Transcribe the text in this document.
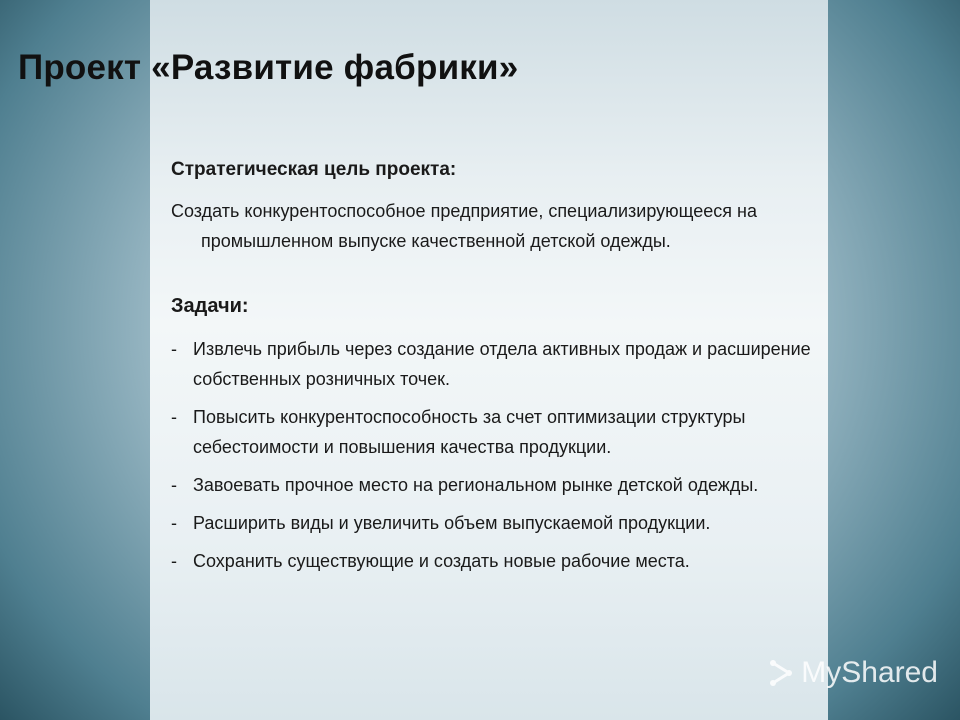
Проект «Развитие фабрики»

Стратегическая цель проекта:

Создать конкурентоспособное предприятие, специализирующееся на промышленном выпуске качественной детской одежды.

Задачи:

- Извлечь прибыль через создание отдела активных продаж и расширение собственных розничных точек.
- Повысить конкурентоспособность за счет оптимизации структуры себестоимости и повышения качества продукции.
- Завоевать прочное место на региональном рынке детской одежды.
- Расширить виды и увеличить объем выпускаемой продукции.
- Сохранить существующие и создать новые рабочие места.
MyShared
